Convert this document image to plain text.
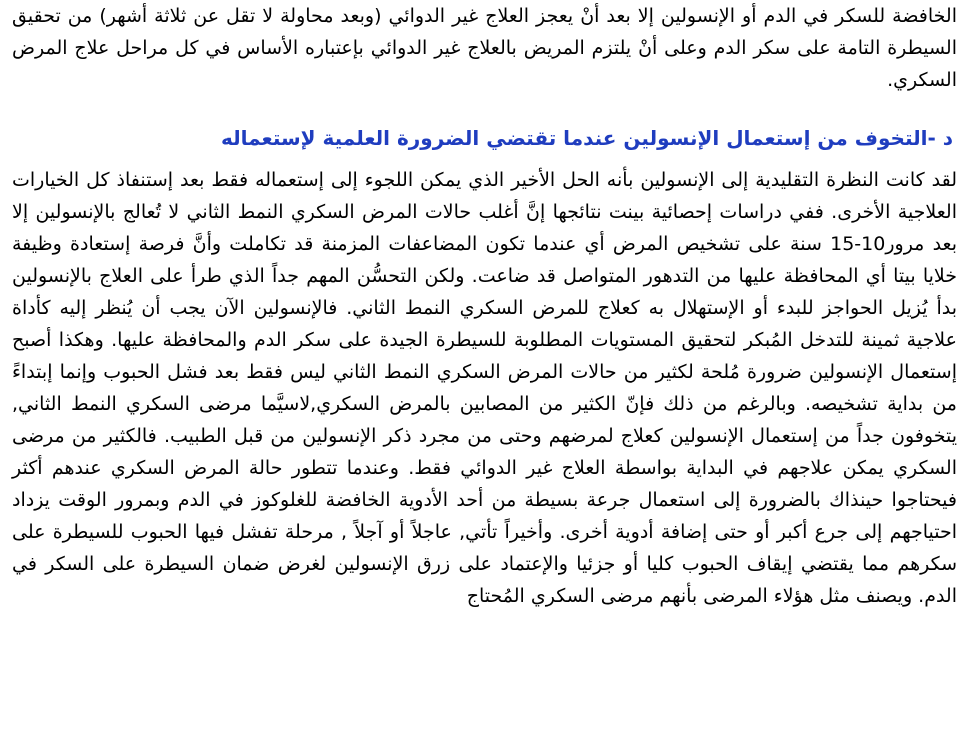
الخافضة للسكر في الدم أو الإنسولين إلا بعد أنْ يعجز العلاج غير الدوائي (وبعد محاولة لا تقل عن ثلاثة أشهر) من تحقيق السيطرة التامة على سكر الدم وعلى أنْ يلتزم المريض بالعلاج غير الدوائي بإعتباره الأساس في كل مراحل علاج المرض السكري.

د -التخوف من إستعمال الإنسولين عندما تقتضي الضرورة العلمية لإستعماله

لقد كانت النظرة التقليدية إلى الإنسولين بأنه الحل الأخير الذي يمكن اللجوء إلى إستعماله فقط بعد إستنفاذ كل الخيارات العلاجية الأخرى. ففي دراسات إحصائية بينت نتائجها إنَّ أغلب حالات المرض السكري النمط الثاني لا تُعالج بالإنسولين إلا بعد مرور10-15 سنة على تشخيص المرض أي عندما تكون المضاعفات المزمنة قد تكاملت وأنَّ فرصة إستعادة وظيفة خلايا بيتا أي المحافظة عليها من التدهور المتواصل قد ضاعت. ولكن التحسُّن المهم جداً الذي طرأ على العلاج بالإنسولين بدأ يُزيل الحواجز للبدء أو الإستهلال به كعلاج للمرض السكري النمط الثاني. فالإنسولين الآن يجب أن يُنظر إليه كأداة علاجية ثمينة للتدخل المُبكر لتحقيق المستويات المطلوبة للسيطرة الجيدة على سكر الدم والمحافظة عليها. وهكذا أصبح إستعمال الإنسولين ضرورة مُلحة لكثير من حالات المرض السكري النمط الثاني ليس فقط بعد فشل الحبوب وإنما إبتداءً من بداية تشخيصه. وبالرغم من ذلك فإنّ الكثير من المصابين بالمرض السكري,لاسيَّما مرضى السكري النمط الثاني, يتخوفون جداً من إستعمال الإنسولين كعلاج لمرضهم وحتى من مجرد ذكر الإنسولين من قبل الطبيب. فالكثير من مرضى السكري يمكن علاجهم في البداية بواسطة العلاج غير الدوائي فقط. وعندما تتطور حالة المرض السكري عندهم أكثر فيحتاجوا حينذاك بالضرورة إلى استعمال جرعة بسيطة من أحد الأدوية الخافضة للغلوكوز في الدم وبمرور الوقت يزداد احتياجهم إلى جرع أكبر أو حتى إضافة أدوية أخرى. وأخيراً تأتي, عاجلاً أو آجلاً , مرحلة تفشل فيها الحبوب للسيطرة على سكرهم مما يقتضي إيقاف الحبوب كليا أو جزئيا والإعتماد على زرق الإنسولين لغرض ضمان السيطرة على السكر في الدم. ويصنف مثل هؤلاء المرضى بأنهم مرضى السكري المُحتاج
